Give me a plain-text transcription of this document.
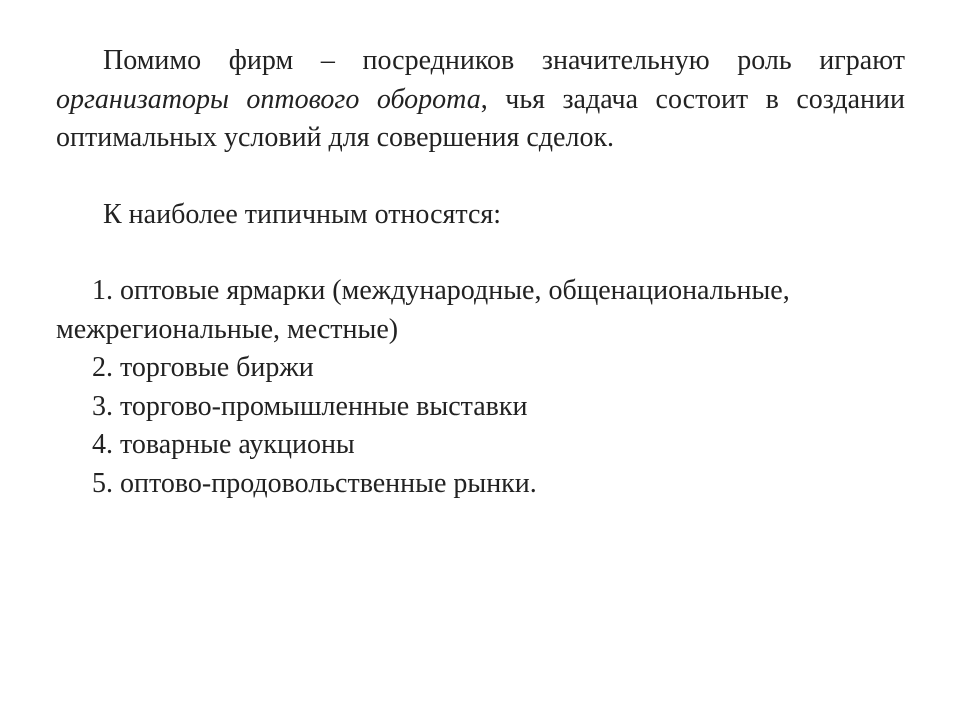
Помимо фирм – посредников значительную роль играют организаторы оптового оборота, чья задача состоит в создании оптимальных условий для совершения сделок.

К наиболее типичным относятся:

1. оптовые ярмарки (международные, общенациональные, межрегиональные, местные)
2. торговые биржи
3. торгово-промышленные выставки
4. товарные аукционы
5. оптово-продовольственные рынки.
